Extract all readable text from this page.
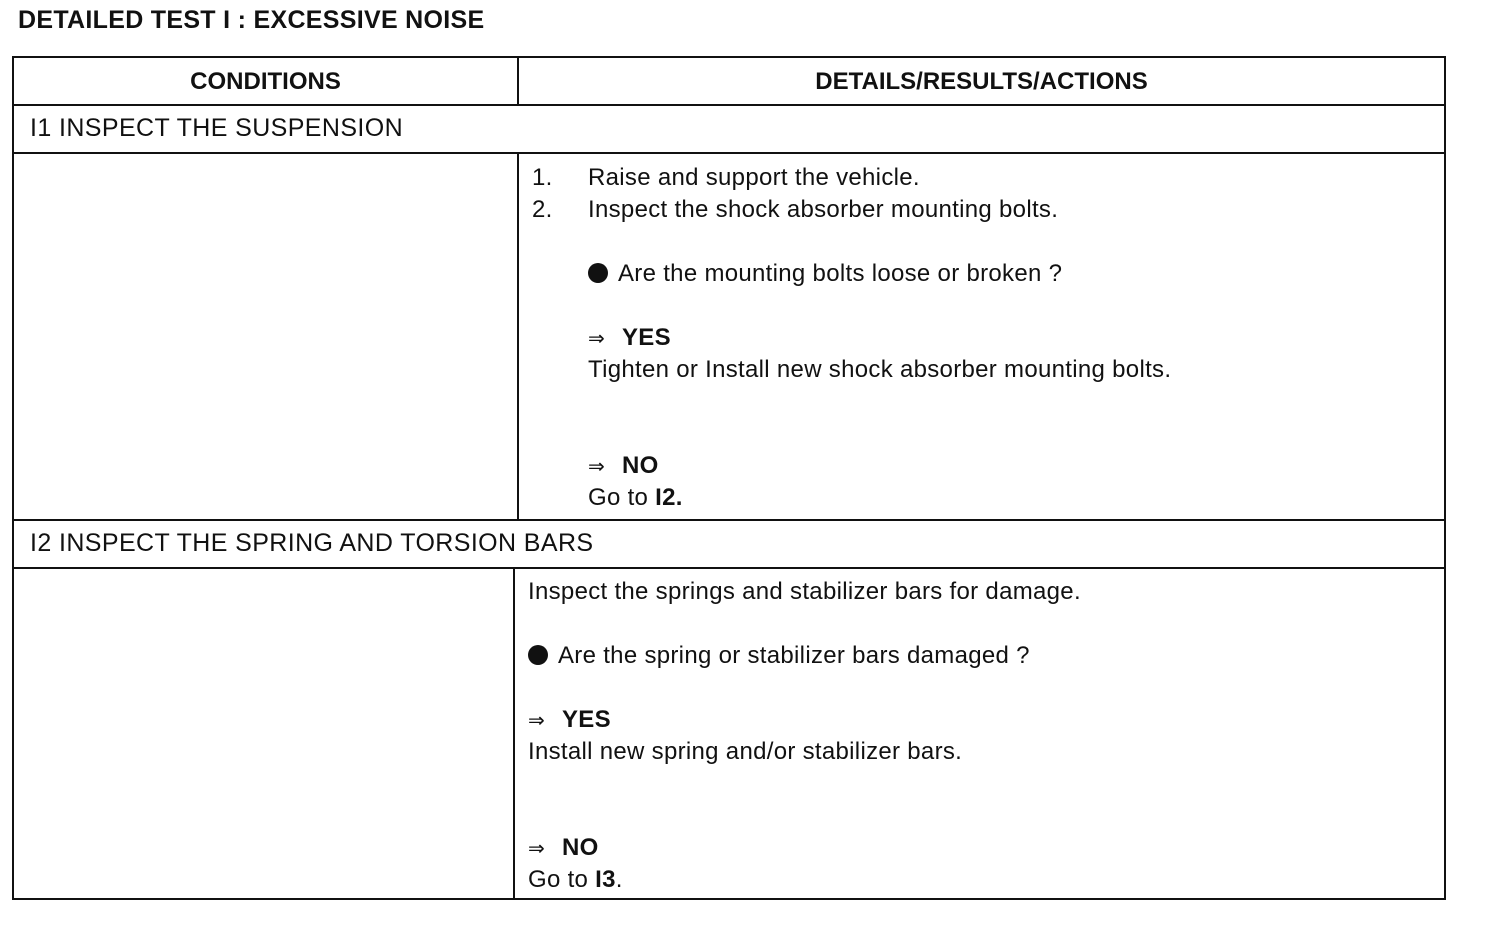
DETAILED TEST I : EXCESSIVE NOISE
CONDITIONS	DETAILS/RESULTS/ACTIONS
I1 INSPECT THE SUSPENSION
1. Raise and support the vehicle.
2. Inspect the shock absorber mounting bolts.
Are the mounting bolts loose or broken ?
⇒ YES
Tighten or Install new shock absorber mounting bolts.
⇒ NO
Go to I2.
I2 INSPECT THE SPRING AND TORSION BARS
Inspect the springs and stabilizer bars for damage.
Are the spring or stabilizer bars damaged ?
⇒ YES
Install new spring and/or stabilizer bars.
⇒ NO
Go to I3.
